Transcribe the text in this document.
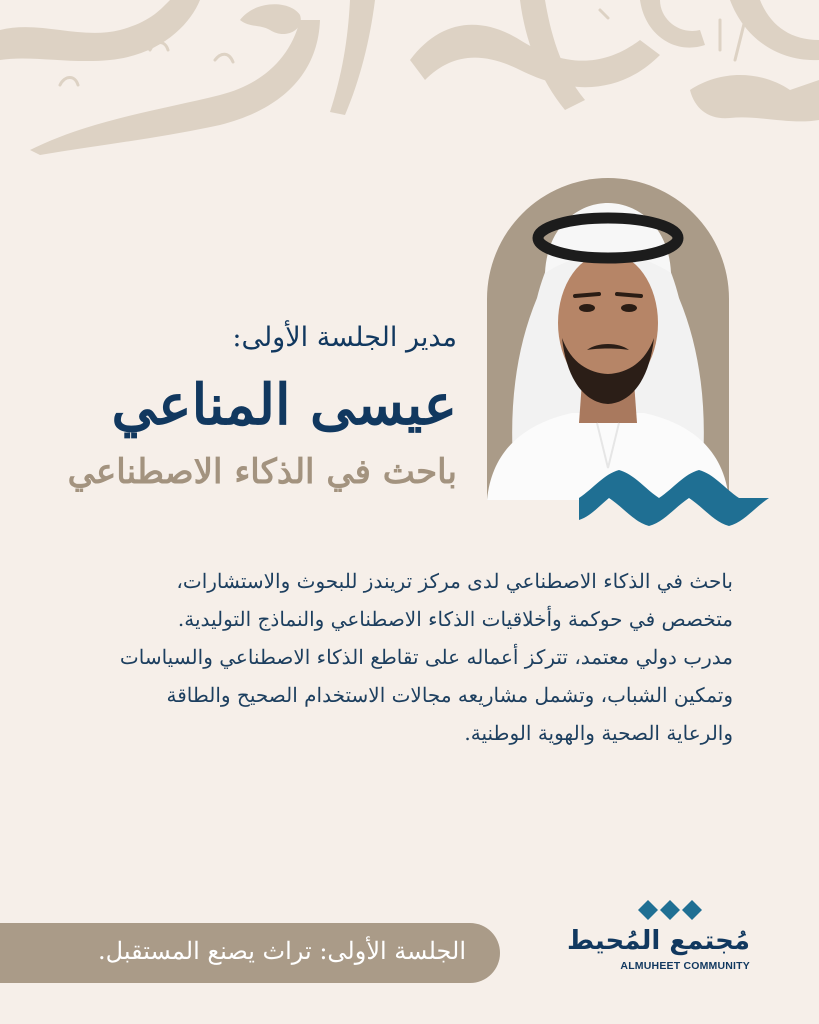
مدير الجلسة الأولى:
عيسى المناعي
باحث في الذكاء الاصطناعي
باحث في الذكاء الاصطناعي لدى مركز تريندز للبحوث والاستشارات،
متخصص في حوكمة وأخلاقيات الذكاء الاصطناعي والنماذج التوليدية.
مدرب دولي معتمد، تتركز أعماله على تقاطع الذكاء الاصطناعي والسياسات
وتمكين الشباب، وتشمل مشاريعه مجالات الاستخدام الصحيح والطاقة
والرعاية الصحية والهوية الوطنية.
الجلسة الأولى: تراث يصنع المستقبل.	مُجتمع المُحيط
ALMUHEET COMMUNITY
